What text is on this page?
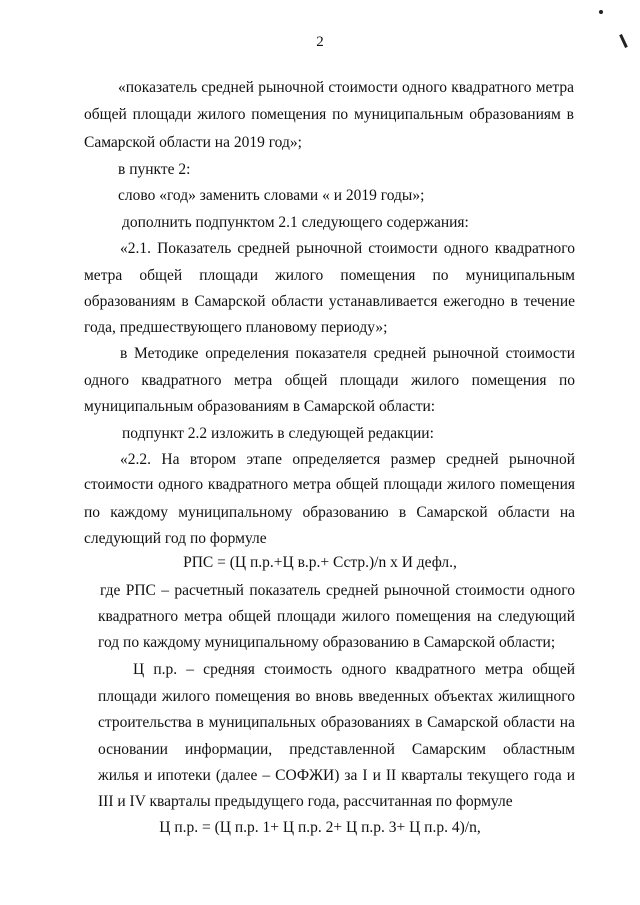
2
«показатель средней рыночной стоимости одного квадратного метра
общей площади жилого помещения по муниципальным образованиям в
Самарской области на 2019 год»;
в пункте 2:
слово «год» заменить словами « и 2019 годы»;
дополнить подпунктом 2.1 следующего содержания:
«2.1. Показатель средней рыночной стоимости одного квадратного
метра общей площади жилого помещения по муниципальным
образованиям в Самарской области устанавливается ежегодно в течение
года, предшествующего плановому периоду»;
в Методике определения показателя средней рыночной стоимости
одного квадратного метра общей площади жилого помещения по
муниципальным образованиям в Самарской области:
подпункт 2.2 изложить в следующей редакции:
«2.2. На втором этапе определяется размер средней рыночной
стоимости одного квадратного метра общей площади жилого помещения
по каждому муниципальному образованию в Самарской области на
следующий год по формуле
РПС = (Ц п.р.+Ц в.р.+ Сстр.)/n x И дефл.,
где РПС – расчетный показатель средней рыночной стоимости одного
квадратного метра общей площади жилого помещения на следующий
год по каждому муниципальному образованию в Самарской области;
Ц п.р. – средняя стоимость одного квадратного метра общей
площади жилого помещения во вновь введенных объектах жилищного
строительства в муниципальных образованиях в Самарской области на
основании информации, представленной Самарским областным
жилья и ипотеки (далее – СОФЖИ) за I и II кварталы текущего года и
III и IV кварталы предыдущего года, рассчитанная по формуле
Ц п.р. = (Ц п.р. 1+ Ц п.р. 2+ Ц п.р. 3+ Ц п.р. 4)/n,
